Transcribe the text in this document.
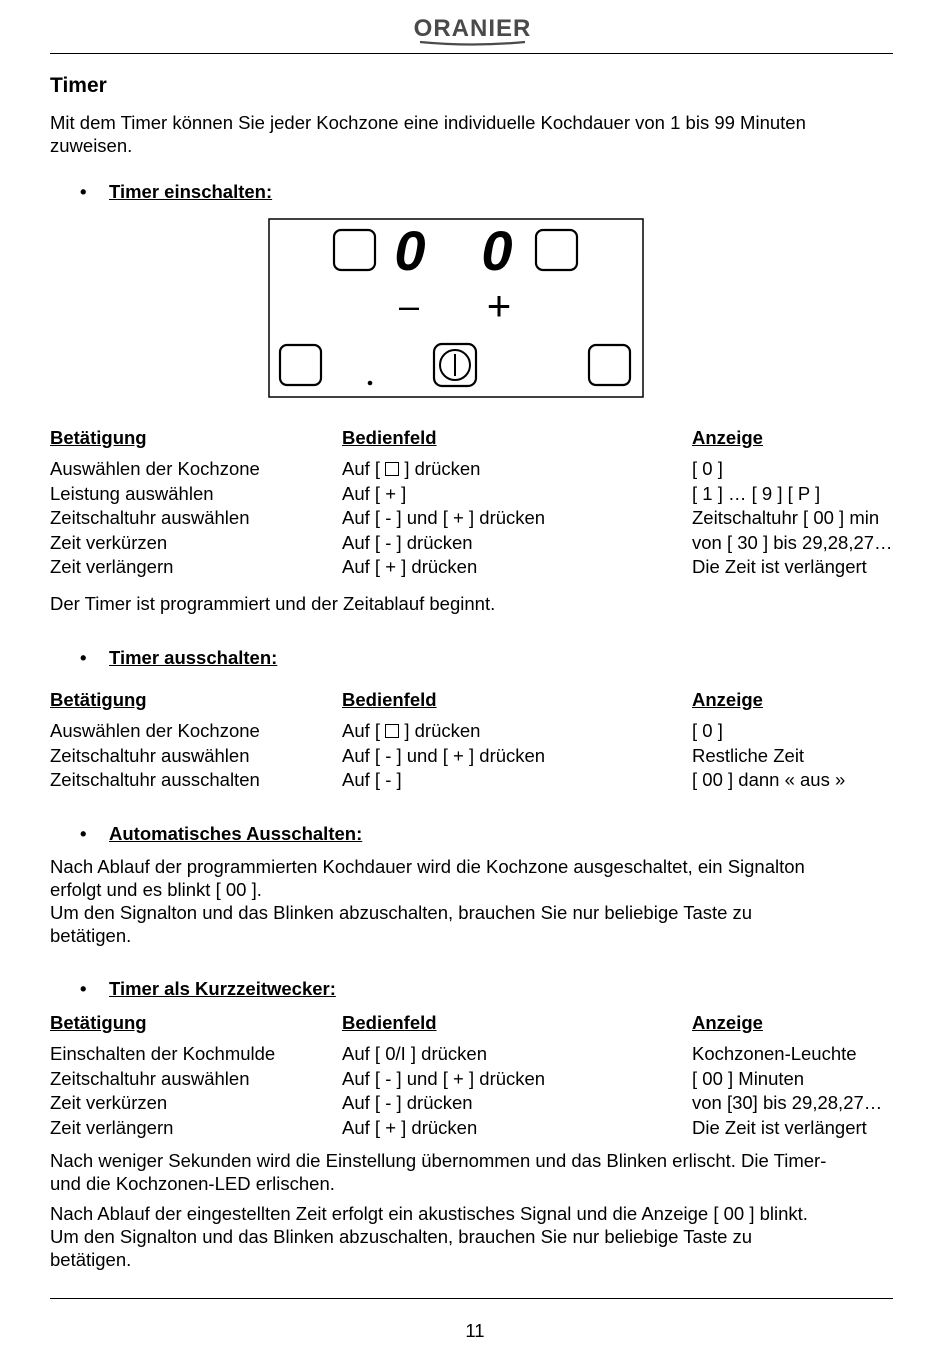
ORANIER
Timer

Mit dem Timer können Sie jeder Kochzone eine individuelle Kochdauer von 1 bis 99 Minuten
zuweisen.

• Timer einschalten:
0 0
– +
Betätigung	Bedienfeld	Anzeige
Auswählen der Kochzone	Auf [  ] drücken	[ 0 ]
Leistung auswählen	Auf [ + ]	[ 1 ] … [ 9 ] [ P ]
Zeitschaltuhr auswählen	Auf [ - ] und [ + ] drücken	Zeitschaltuhr [ 00 ] min
Zeit verkürzen	Auf [ - ] drücken	von [ 30 ] bis 29,28,27…
Zeit verlängern	Auf [ + ] drücken	Die Zeit ist verlängert

Der Timer ist programmiert und der Zeitablauf beginnt.

• Timer ausschalten:
Betätigung	Bedienfeld	Anzeige
Auswählen der Kochzone	Auf [  ] drücken	[ 0 ]
Zeitschaltuhr auswählen	Auf [ - ] und [ + ] drücken	Restliche Zeit
Zeitschaltuhr ausschalten	Auf [ - ]	[ 00 ] dann « aus »
• Automatisches Ausschalten:

Nach Ablauf der programmierten Kochdauer wird die Kochzone ausgeschaltet, ein Signalton
erfolgt und es blinkt [ 00 ].
Um den Signalton und das Blinken abzuschalten, brauchen Sie nur beliebige Taste zu
betätigen.

• Timer als Kurzzeitwecker:
Betätigung	Bedienfeld	Anzeige
Einschalten der Kochmulde	Auf [ 0/I ] drücken	Kochzonen-Leuchte
Zeitschaltuhr auswählen	Auf [ - ] und [ + ] drücken	[ 00 ] Minuten
Zeit verkürzen	Auf [ - ] drücken	von [30] bis 29,28,27…
Zeit verlängern	Auf [ + ] drücken	Die Zeit ist verlängert

Nach weniger Sekunden wird die Einstellung übernommen und das Blinken erlischt. Die Timer-
und die Kochzonen-LED erlischen.

Nach Ablauf der eingestellten Zeit erfolgt ein akustisches Signal und die Anzeige [ 00 ] blinkt.
Um den Signalton und das Blinken abzuschalten, brauchen Sie nur beliebige Taste zu
betätigen.

11
